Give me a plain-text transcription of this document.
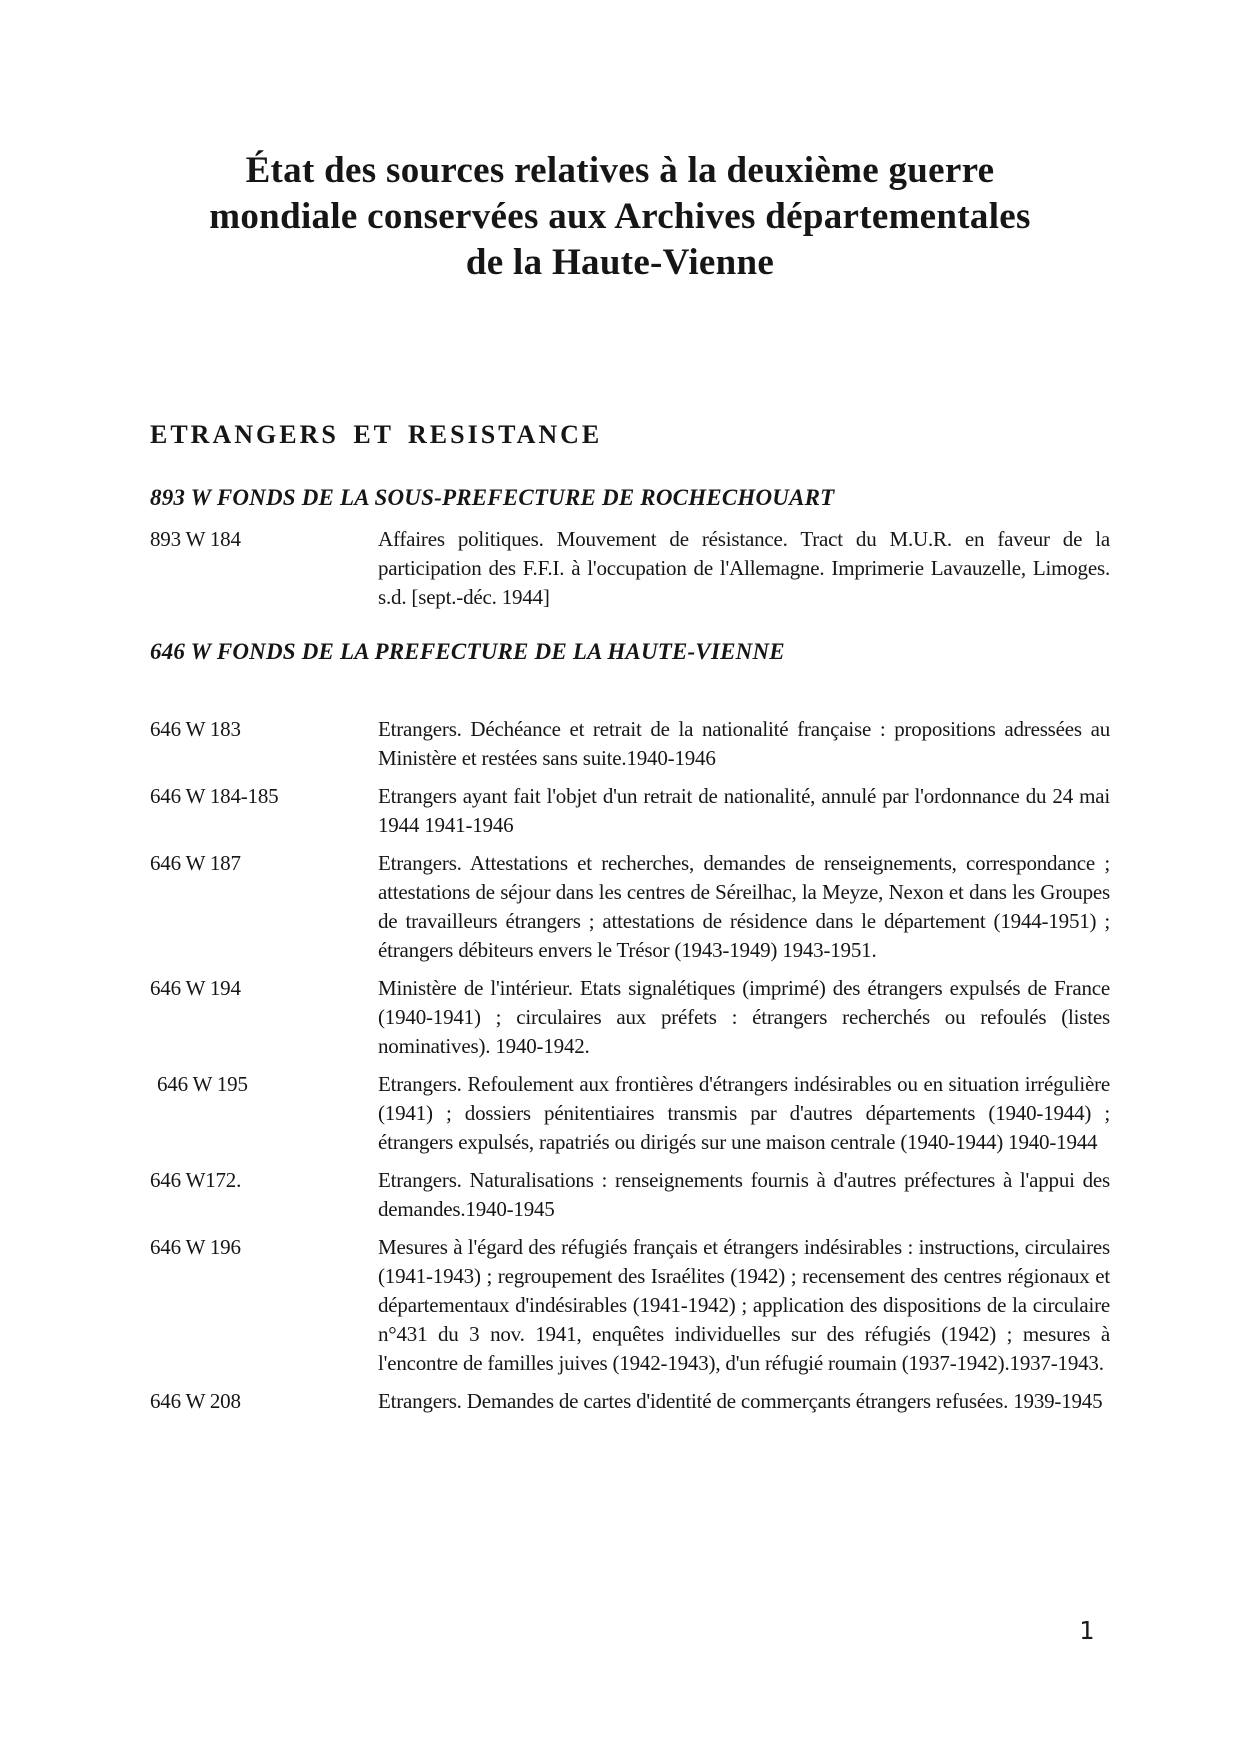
État des sources relatives à la deuxième guerre
mondiale conservées aux Archives départementales
de la Haute-Vienne
ETRANGERS ET RESISTANCE
893 W FONDS DE LA SOUS-PREFECTURE DE ROCHECHOUART
893 W 184	Affaires politiques. Mouvement de résistance. Tract du M.U.R. en faveur de la participation des F.F.I. à l'occupation de l'Allemagne. Imprimerie Lavauzelle, Limoges. s.d. [sept.-déc. 1944]
646 W FONDS DE LA PREFECTURE DE LA HAUTE-VIENNE
646 W 183	Etrangers. Déchéance et retrait de la nationalité française : propositions adressées au Ministère et restées sans suite.1940-1946
646 W 184-185	Etrangers ayant fait l'objet d'un retrait de nationalité, annulé par l'ordonnance du 24 mai 1944 1941-1946
646 W 187	Etrangers. Attestations et recherches, demandes de renseignements, correspondance ; attestations de séjour dans les centres de Séreilhac, la Meyze, Nexon et dans les Groupes de travailleurs étrangers ; attestations de résidence dans le département (1944-1951) ; étrangers débiteurs envers le Trésor (1943-1949) 1943-1951.
646 W 194	Ministère de l'intérieur. Etats signalétiques (imprimé) des étrangers expulsés de France (1940-1941) ; circulaires aux préfets : étrangers recherchés ou refoulés (listes nominatives). 1940-1942.
646 W 195	Etrangers. Refoulement aux frontières d'étrangers indésirables ou en situation irrégulière (1941) ; dossiers pénitentiaires transmis par d'autres départements (1940-1944) ; étrangers expulsés, rapatriés ou dirigés sur une maison centrale (1940-1944) 1940-1944
646 W172.	Etrangers. Naturalisations : renseignements fournis à d'autres préfectures à l'appui des demandes.1940-1945
646 W 196	Mesures à l'égard des réfugiés français et étrangers indésirables : instructions, circulaires (1941-1943) ; regroupement des Israélites (1942) ; recensement des centres régionaux et départementaux d'indésirables (1941-1942) ; application des dispositions de la circulaire n°431 du 3 nov. 1941, enquêtes individuelles sur des réfugiés (1942) ; mesures à l'encontre de familles juives (1942-1943), d'un réfugié roumain (1937-1942).1937-1943.
646 W 208	Etrangers. Demandes de cartes d'identité de commerçants étrangers refusées. 1939-1945
1
